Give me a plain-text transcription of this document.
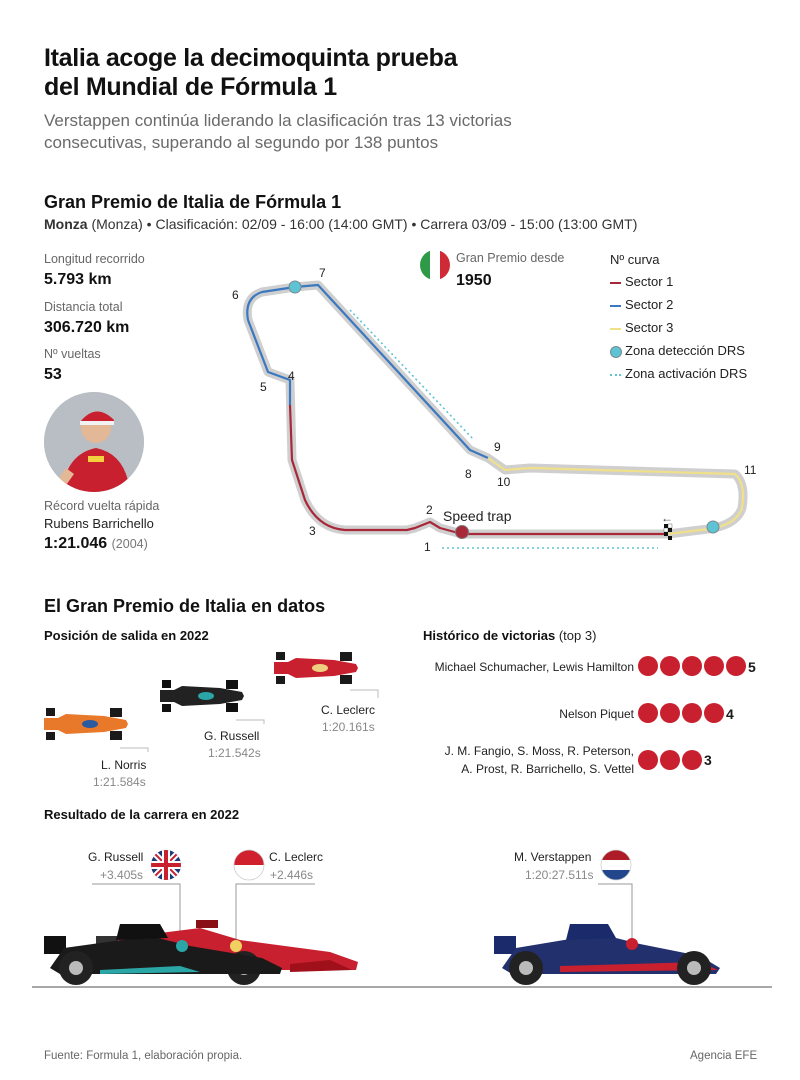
Italia acoge la decimoquinta prueba
del Mundial de Fórmula 1
Verstappen continúa liderando la clasificación tras 13 victorias
consecutivas, superando al segundo por 138 puntos
Gran Premio de Italia de Fórmula 1
Monza (Monza) • Clasificación: 02/09 - 16:00 (14:00 GMT) • Carrera 03/09 - 15:00 (13:00 GMT)
Longitud recorrido
5.793 km
Distancia total
306.720 km
Nº vueltas
53
Récord vuelta rápida
Rubens Barrichello
1:21.046 (2004)
Gran Premio desde
1950
Nº curva
Sector 1
Sector 2
Sector 3
Zona detección DRS
Zona activación DRS
Speed trap	←
1
2
3
4
5
6
7
8
9
10
11
El Gran Premio de Italia en datos
Posición de salida en 2022
C. Leclerc
1:20.161s
G. Russell
1:21.542s
L. Norris
1:21.584s
Histórico de victorias (top 3)
Michael Schumacher, Lewis Hamilton	5
Nelson Piquet	4
J. M. Fangio, S. Moss, R. Peterson,
A. Prost, R. Barrichello, S. Vettel
3
Resultado de la carrera en 2022
G. Russell
+3.405s
C. Leclerc
+2.446s
M. Verstappen
1:20:27.511s
Fuente: Formula 1, elaboración propia.	Agencia EFE
